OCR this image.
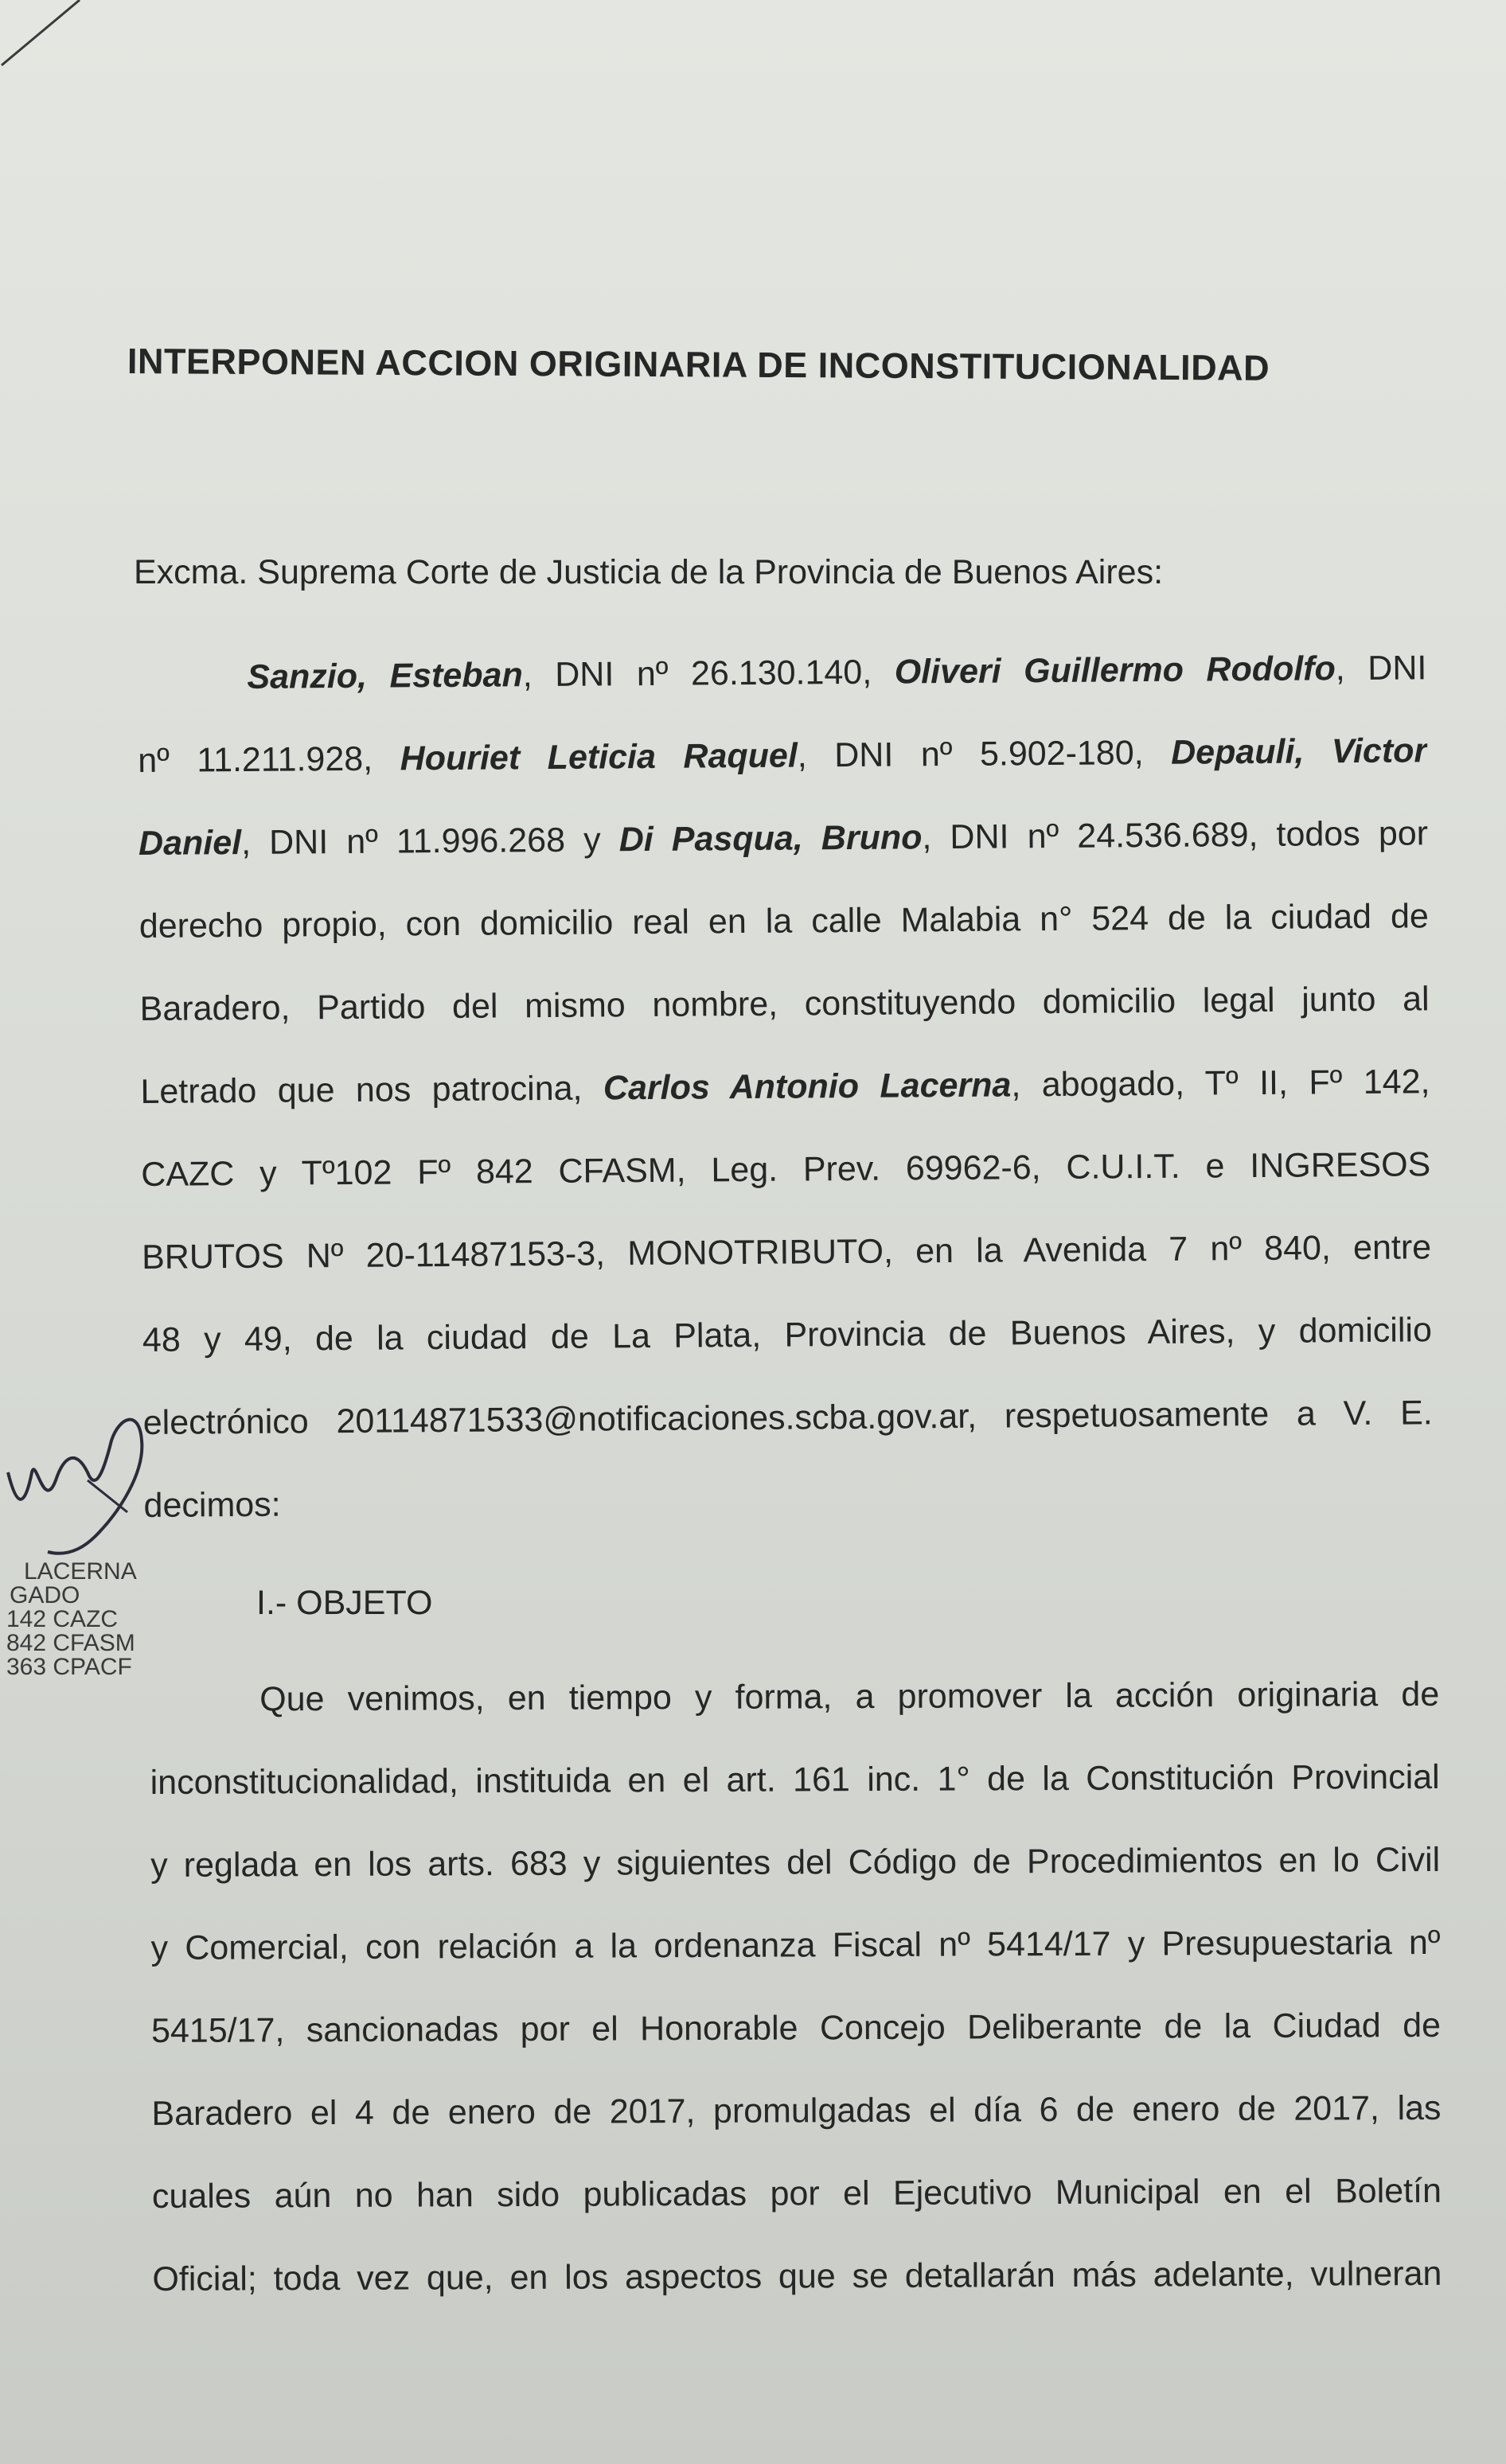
INTERPONEN ACCION ORIGINARIA DE INCONSTITUCIONALIDAD
Excma. Suprema Corte de Justicia de la Provincia de Buenos Aires:
Sanzio, Esteban, DNI nº 26.130.140, Oliveri Guillermo Rodolfo, DNI
nº 11.211.928, Houriet Leticia Raquel, DNI nº 5.902-180, Depauli, Victor
Daniel, DNI nº 11.996.268 y Di Pasqua, Bruno, DNI nº 24.536.689, todos por
derecho propio, con domicilio real en la calle Malabia n° 524 de la ciudad de
Baradero, Partido del mismo nombre, constituyendo domicilio legal junto al
Letrado que nos patrocina, Carlos Antonio Lacerna, abogado, Tº II, Fº 142,
CAZC y Tº102 Fº 842 CFASM, Leg. Prev. 69962-6, C.U.I.T. e INGRESOS
BRUTOS Nº 20-11487153-3, MONOTRIBUTO, en la Avenida 7 nº 840, entre
48 y 49, de la ciudad de La Plata, Provincia de Buenos Aires, y domicilio
electrónico 20114871533@notificaciones.scba.gov.ar, respetuosamente a V. E.
decimos:
LACERNA
GADO
142 CAZC
842 CFASM
363 CPACF
I.- OBJETO
Que venimos, en tiempo y forma, a promover la acción originaria de
inconstitucionalidad, instituida en el art. 161 inc. 1° de la Constitución Provincial
y reglada en los arts. 683 y siguientes del Código de Procedimientos en lo Civil
y Comercial, con relación a la ordenanza Fiscal nº 5414/17 y Presupuestaria nº
5415/17, sancionadas por el Honorable Concejo Deliberante de la Ciudad de
Baradero el 4 de enero de 2017, promulgadas el día 6 de enero de 2017, las
cuales aún no han sido publicadas por el Ejecutivo Municipal en el Boletín
Oficial; toda vez que, en los aspectos que se detallarán más adelante, vulneran
